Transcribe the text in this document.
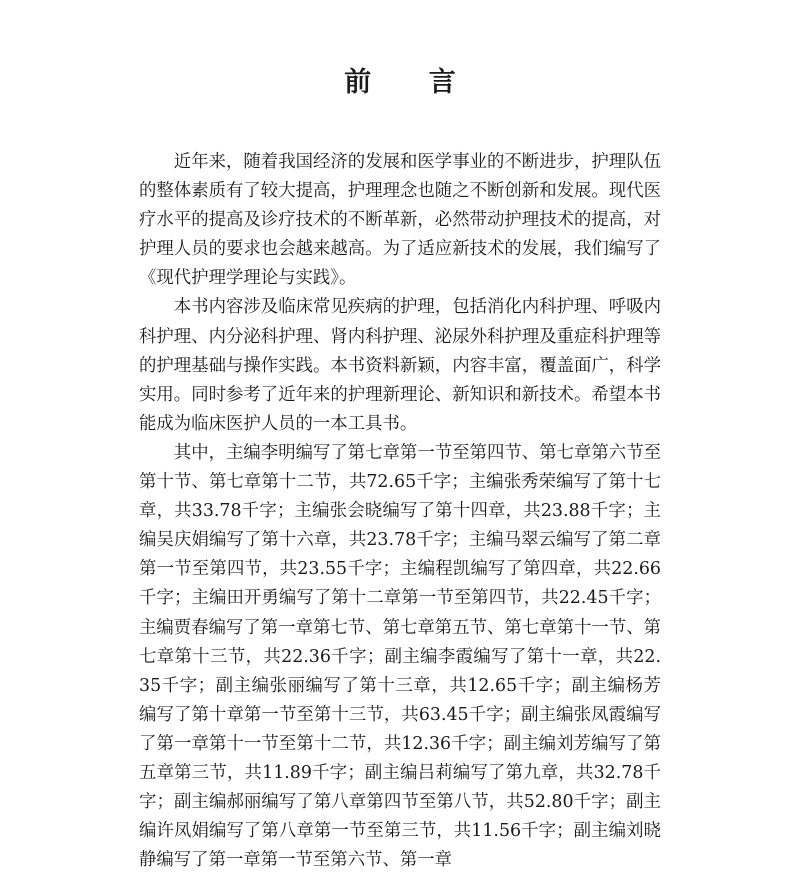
前 言

近年来，随着我国经济的发展和医学事业的不断进步，护理队伍的整体素质有了较大提高，护理理念也随之不断创新和发展。现代医疗水平的提高及诊疗技术的不断革新，必然带动护理技术的提高，对护理人员的要求也会越来越高。为了适应新技术的发展，我们编写了《现代护理学理论与实践》。

本书内容涉及临床常见疾病的护理，包括消化内科护理、呼吸内科护理、内分泌科护理、肾内科护理、泌尿外科护理及重症科护理等的护理基础与操作实践。本书资料新颖，内容丰富，覆盖面广，科学实用。同时参考了近年来的护理新理论、新知识和新技术。希望本书能成为临床医护人员的一本工具书。

其中，主编李明编写了第七章第一节至第四节、第七章第六节至第十节、第七章第十二节，共72.65千字；主编张秀荣编写了第十七章，共33.78千字；主编张会晓编写了第十四章，共23.88千字；主编吴庆娟编写了第十六章，共23.78千字；主编马翠云编写了第二章第一节至第四节，共23.55千字；主编程凯编写了第四章，共22.66千字；主编田开勇编写了第十二章第一节至第四节，共22.45千字；主编贾春编写了第一章第七节、第七章第五节、第七章第十一节、第七章第十三节，共22.36千字；副主编李霞编写了第十一章，共22.35千字；副主编张丽编写了第十三章，共12.65千字；副主编杨芳编写了第十章第一节至第十三节，共63.45千字；副主编张凤霞编写了第一章第十一节至第十二节，共12.36千字；副主编刘芳编写了第五章第三节，共11.89千字；副主编吕莉编写了第九章，共32.78千字；副主编郝丽编写了第八章第四节至第八节，共52.80千字；副主编许凤娟编写了第八章第一节至第三节，共11.56千字；副主编刘晓静编写了第一章第一节至第六节、第一章
